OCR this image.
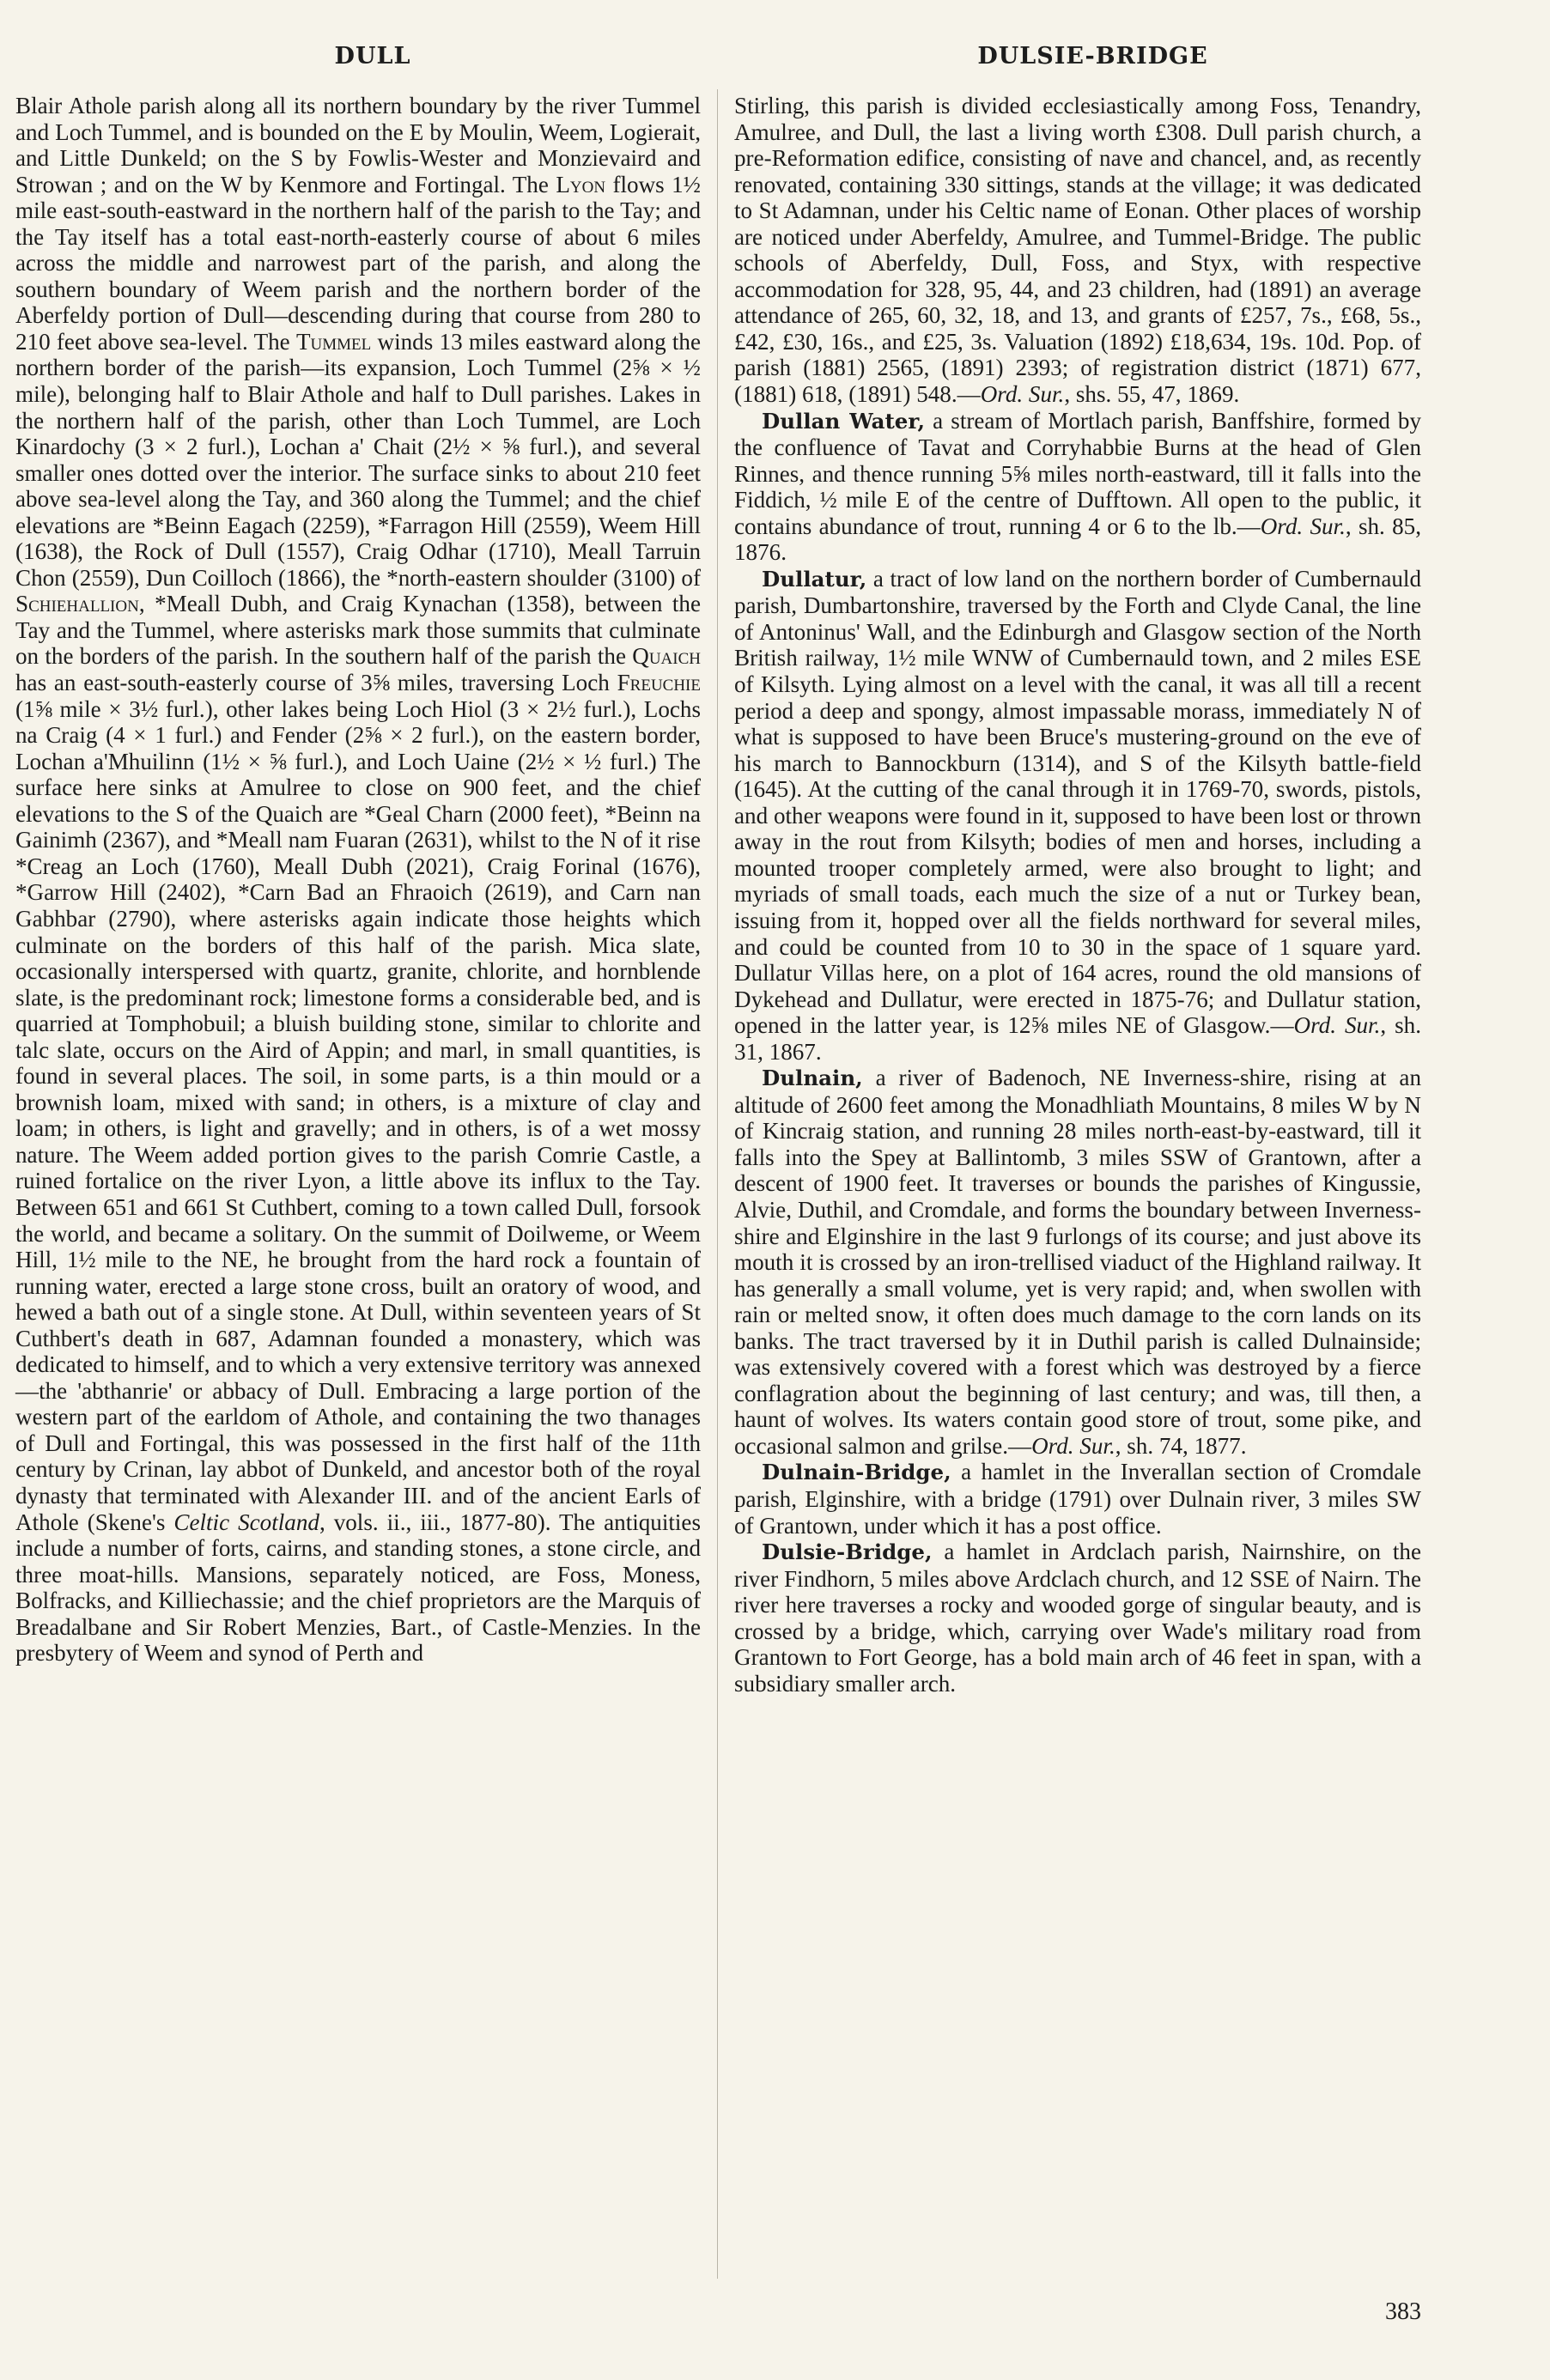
DULL	DULSIE-BRIDGE

Blair Athole parish along all its northern boundary by the river Tummel and Loch Tummel, and is bounded on the E by Moulin, Weem, Logierait, and Little Dunkeld; on the S by Fowlis-Wester and Monzievaird and Strowan ; and on the W by Kenmore and Fortingal. The Lyon flows 1½ mile east-south-eastward in the northern half of the parish to the Tay; and the Tay itself has a total east-north-easterly course of about 6 miles across the middle and narrowest part of the parish, and along the southern boundary of Weem parish and the northern border of the Aberfeldy portion of Dull—descending during that course from 280 to 210 feet above sea-level. The Tummel winds 13 miles eastward along the northern border of the parish—its expansion, Loch Tummel (2⅝ × ½ mile), belonging half to Blair Athole and half to Dull parishes. Lakes in the northern half of the parish, other than Loch Tummel, are Loch Kinardochy (3 × 2 furl.), Lochan a' Chait (2½ × ⅝ furl.), and several smaller ones dotted over the interior. The surface sinks to about 210 feet above sea-level along the Tay, and 360 along the Tummel; and the chief elevations are *Beinn Eagach (2259), *Farragon Hill (2559), Weem Hill (1638), the Rock of Dull (1557), Craig Odhar (1710), Meall Tarruin Chon (2559), Dun Coilloch (1866), the *north-eastern shoulder (3100) of Schiehallion, *Meall Dubh, and Craig Kynachan (1358), between the Tay and the Tummel, where asterisks mark those summits that culminate on the borders of the parish. In the southern half of the parish the Quaich has an east-south-easterly course of 3⅝ miles, traversing Loch Freuchie (1⅝ mile × 3½ furl.), other lakes being Loch Hiol (3 × 2½ furl.), Lochs na Craig (4 × 1 furl.) and Fender (2⅝ × 2 furl.), on the eastern border, Lochan a'Mhuilinn (1½ × ⅝ furl.), and Loch Uaine (2½ × ½ furl.) The surface here sinks at Amulree to close on 900 feet, and the chief elevations to the S of the Quaich are *Geal Charn (2000 feet), *Beinn na Gainimh (2367), and *Meall nam Fuaran (2631), whilst to the N of it rise *Creag an Loch (1760), Meall Dubh (2021), Craig Forinal (1676), *Garrow Hill (2402), *Carn Bad an Fhraoich (2619), and Carn nan Gabhbar (2790), where asterisks again indicate those heights which culminate on the borders of this half of the parish. Mica slate, occasionally interspersed with quartz, granite, chlorite, and hornblende slate, is the predominant rock; limestone forms a considerable bed, and is quarried at Tomphobuil; a bluish building stone, similar to chlorite and talc slate, occurs on the Aird of Appin; and marl, in small quantities, is found in several places. The soil, in some parts, is a thin mould or a brownish loam, mixed with sand; in others, is a mixture of clay and loam; in others, is light and gravelly; and in others, is of a wet mossy nature. The Weem added portion gives to the parish Comrie Castle, a ruined fortalice on the river Lyon, a little above its influx to the Tay. Between 651 and 661 St Cuthbert, coming to a town called Dull, forsook the world, and became a solitary. On the summit of Doilweme, or Weem Hill, 1½ mile to the NE, he brought from the hard rock a fountain of running water, erected a large stone cross, built an oratory of wood, and hewed a bath out of a single stone. At Dull, within seventeen years of St Cuthbert's death in 687, Adamnan founded a monastery, which was dedicated to himself, and to which a very extensive territory was annexed—the 'abthanrie' or abbacy of Dull. Embracing a large portion of the western part of the earldom of Athole, and containing the two thanages of Dull and Fortingal, this was possessed in the first half of the 11th century by Crinan, lay abbot of Dunkeld, and ancestor both of the royal dynasty that terminated with Alexander III. and of the ancient Earls of Athole (Skene's Celtic Scotland, vols. ii., iii., 1877-80). The antiquities include a number of forts, cairns, and standing stones, a stone circle, and three moat-hills. Mansions, separately noticed, are Foss, Moness, Bolfracks, and Killiechassie; and the chief proprietors are the Marquis of Breadalbane and Sir Robert Menzies, Bart., of Castle-Menzies. In the presbytery of Weem and synod of Perth and

Stirling, this parish is divided ecclesiastically among Foss, Tenandry, Amulree, and Dull, the last a living worth £308. Dull parish church, a pre-Reformation edifice, consisting of nave and chancel, and, as recently renovated, containing 330 sittings, stands at the village; it was dedicated to St Adamnan, under his Celtic name of Eonan. Other places of worship are noticed under Aberfeldy, Amulree, and Tummel-Bridge. The public schools of Aberfeldy, Dull, Foss, and Styx, with respective accommodation for 328, 95, 44, and 23 children, had (1891) an average attendance of 265, 60, 32, 18, and 13, and grants of £257, 7s., £68, 5s., £42, £30, 16s., and £25, 3s. Valuation (1892) £18,634, 19s. 10d. Pop. of parish (1881) 2565, (1891) 2393; of registration district (1871) 677, (1881) 618, (1891) 548.—Ord. Sur., shs. 55, 47, 1869.

Dullan Water, a stream of Mortlach parish, Banffshire, formed by the confluence of Tavat and Corryhabbie Burns at the head of Glen Rinnes, and thence running 5⅝ miles north-eastward, till it falls into the Fiddich, ½ mile E of the centre of Dufftown. All open to the public, it contains abundance of trout, running 4 or 6 to the lb.—Ord. Sur., sh. 85, 1876.

Dullatur, a tract of low land on the northern border of Cumbernauld parish, Dumbartonshire, traversed by the Forth and Clyde Canal, the line of Antoninus' Wall, and the Edinburgh and Glasgow section of the North British railway, 1½ mile WNW of Cumbernauld town, and 2 miles ESE of Kilsyth. Lying almost on a level with the canal, it was all till a recent period a deep and spongy, almost impassable morass, immediately N of what is supposed to have been Bruce's mustering-ground on the eve of his march to Bannockburn (1314), and S of the Kilsyth battle-field (1645). At the cutting of the canal through it in 1769-70, swords, pistols, and other weapons were found in it, supposed to have been lost or thrown away in the rout from Kilsyth; bodies of men and horses, including a mounted trooper completely armed, were also brought to light; and myriads of small toads, each much the size of a nut or Turkey bean, issuing from it, hopped over all the fields northward for several miles, and could be counted from 10 to 30 in the space of 1 square yard. Dullatur Villas here, on a plot of 164 acres, round the old mansions of Dykehead and Dullatur, were erected in 1875-76; and Dullatur station, opened in the latter year, is 12⅝ miles NE of Glasgow.—Ord. Sur., sh. 31, 1867.

Dulnain, a river of Badenoch, NE Inverness-shire, rising at an altitude of 2600 feet among the Monadhliath Mountains, 8 miles W by N of Kincraig station, and running 28 miles north-east-by-eastward, till it falls into the Spey at Ballintomb, 3 miles SSW of Grantown, after a descent of 1900 feet. It traverses or bounds the parishes of Kingussie, Alvie, Duthil, and Cromdale, and forms the boundary between Inverness-shire and Elginshire in the last 9 furlongs of its course; and just above its mouth it is crossed by an iron-trellised viaduct of the Highland railway. It has generally a small volume, yet is very rapid; and, when swollen with rain or melted snow, it often does much damage to the corn lands on its banks. The tract traversed by it in Duthil parish is called Dulnainside; was extensively covered with a forest which was destroyed by a fierce conflagration about the beginning of last century; and was, till then, a haunt of wolves. Its waters contain good store of trout, some pike, and occasional salmon and grilse.—Ord. Sur., sh. 74, 1877.

Dulnain-Bridge, a hamlet in the Inverallan section of Cromdale parish, Elginshire, with a bridge (1791) over Dulnain river, 3 miles SW of Grantown, under which it has a post office.

Dulsie-Bridge, a hamlet in Ardclach parish, Nairnshire, on the river Findhorn, 5 miles above Ardclach church, and 12 SSE of Nairn. The river here traverses a rocky and wooded gorge of singular beauty, and is crossed by a bridge, which, carrying over Wade's military road from Grantown to Fort George, has a bold main arch of 46 feet in span, with a subsidiary smaller arch.

383
